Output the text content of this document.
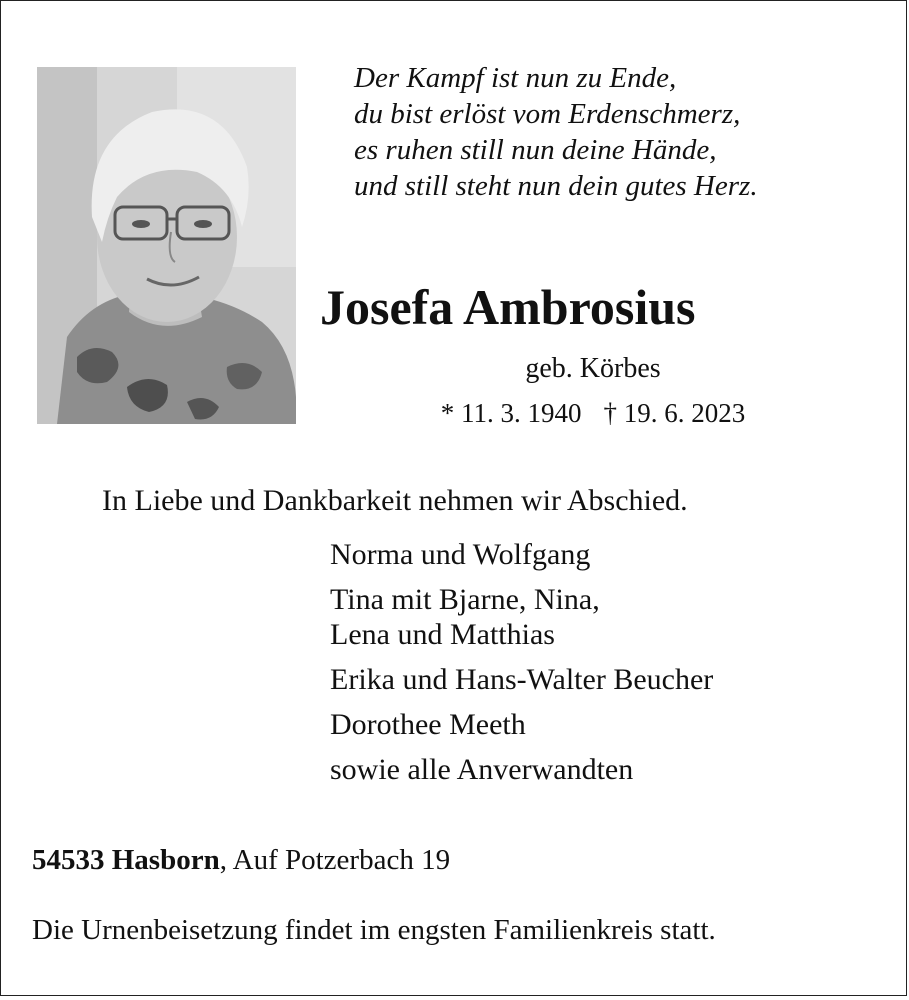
Der Kampf ist nun zu Ende,
du bist erlöst vom Erdenschmerz,
es ruhen still nun deine Hände,
und still steht nun dein gutes Herz.
Josefa Ambrosius
geb. Körbes
* 11. 3. 1940 † 19. 6. 2023
In Liebe und Dankbarkeit nehmen wir Abschied.
Norma und Wolfgang
Tina mit Bjarne, Nina,
Lena und Matthias
Erika und Hans-Walter Beucher
Dorothee Meeth
sowie alle Anverwandten
54533 Hasborn, Auf Potzerbach 19
Die Urnenbeisetzung findet im engsten Familienkreis statt.
